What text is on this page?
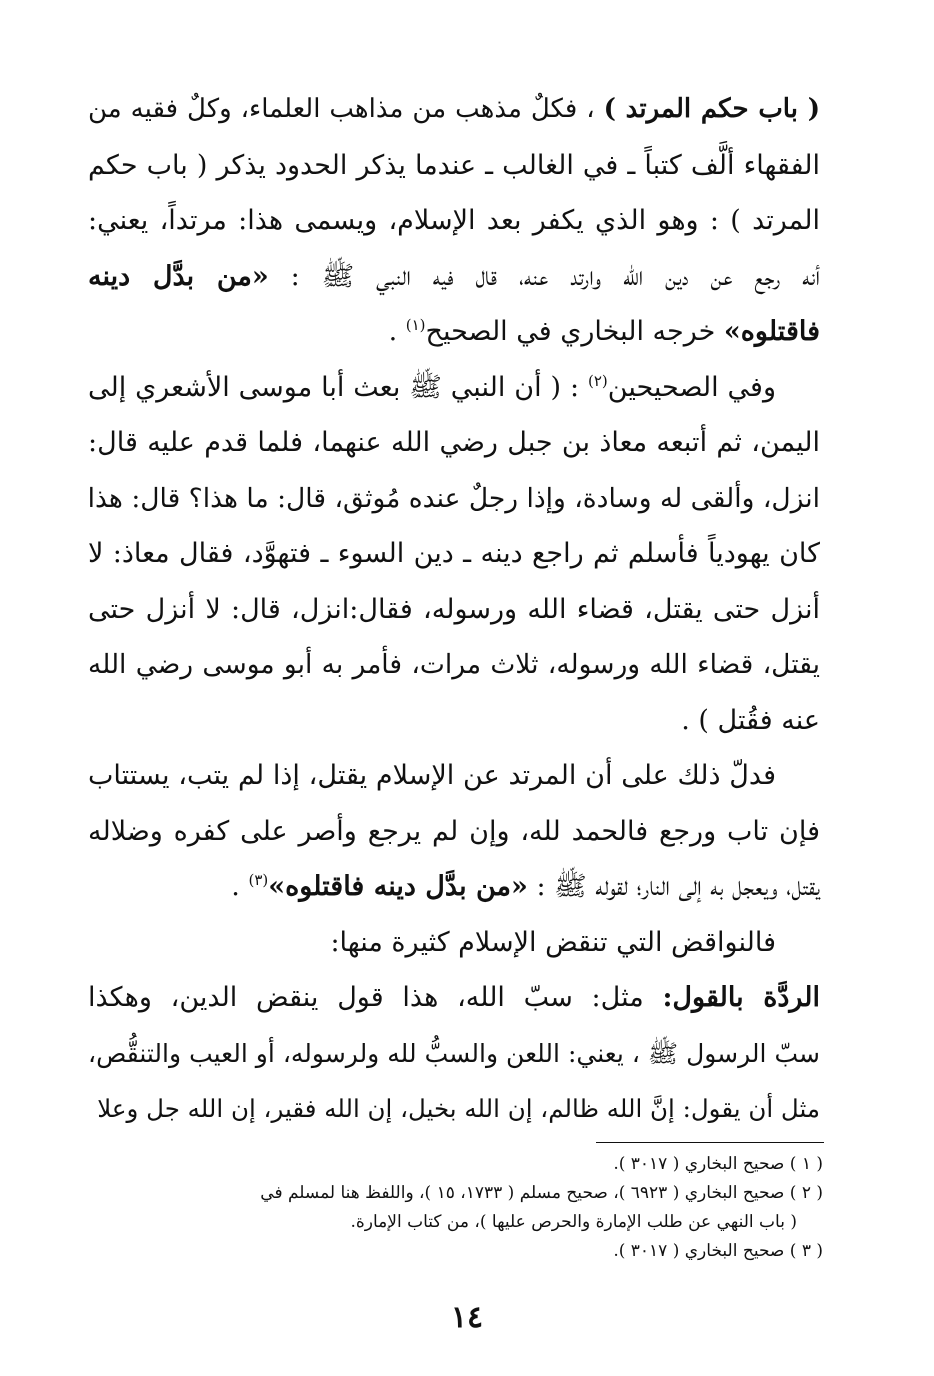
( باب حكم المرتد ) ، فكلٌ مذهب من مذاهب العلماء، وكلٌ فقيه من
الفقهاء ألَّف كتباً ـ في الغالب ـ عندما يذكر الحدود يذكر ( باب حكم
المرتد ) : وهو الذي يكفر بعد الإسلام، ويسمى هذا: مرتداً، يعني:
أنه رجع عن دين الله وارتد عنه، قال فيه النبي ﷺ : «من بدَّل دينه
فاقتلوه» خرجه البخاري في الصحيح$^{(١)}$ .
وفي الصحيحين$^{(٢)}$ : ( أن النبي ﷺ بعث أبا موسى الأشعري إلى
اليمن، ثم أتبعه معاذ بن جبل رضي الله عنهما، فلما قدم عليه قال:
انزل، وألقى له وسادة، وإذا رجلٌ عنده مُوثق، قال: ما هذا؟ قال: هذا
كان يهودياً فأسلم ثم راجع دينه ـ دين السوء ـ فتهوَّد، فقال معاذ: لا
أنزل حتى يقتل، قضاء الله ورسوله، فقال:انزل، قال: لا أنزل حتى
يقتل، قضاء الله ورسوله، ثلاث مرات، فأمر به أبو موسى رضي الله
عنه فقُتل ) .
فدلّ ذلك على أن المرتد عن الإسلام يقتل، إذا لم يتب، يستتاب
فإن تاب ورجع فالحمد لله، وإن لم يرجع وأصر على كفره وضلاله
يقتل، ويعجل به إلى النار؛ لقوله ﷺ : «من بدَّل دينه فاقتلوه»$^{(٣)}$ .
فالنواقض التي تنقض الإسلام كثيرة منها:
الردَّة بالقول: مثل: سبّ الله، هذا قول ينقض الدين، وهكذا
سبّ الرسول ﷺ ، يعني: اللعن والسبُّ لله ولرسوله، أو العيب والتنقُّص،
مثل أن يقول: إنَّ الله ظالم، إن الله بخيل، إن الله فقير، إن الله جل وعلا
( ١ ) صحيح البخاري ( ٣٠١٧ ).
( ٢ ) صحيح البخاري ( ٦٩٢٣ )، صحيح مسلم ( ١٧٣٣، ١٥ )، واللفظ هنا لمسلم في
( باب النهي عن طلب الإمارة والحرص عليها )، من كتاب الإمارة.
( ٣ ) صحيح البخاري ( ٣٠١٧ ).
١٤
